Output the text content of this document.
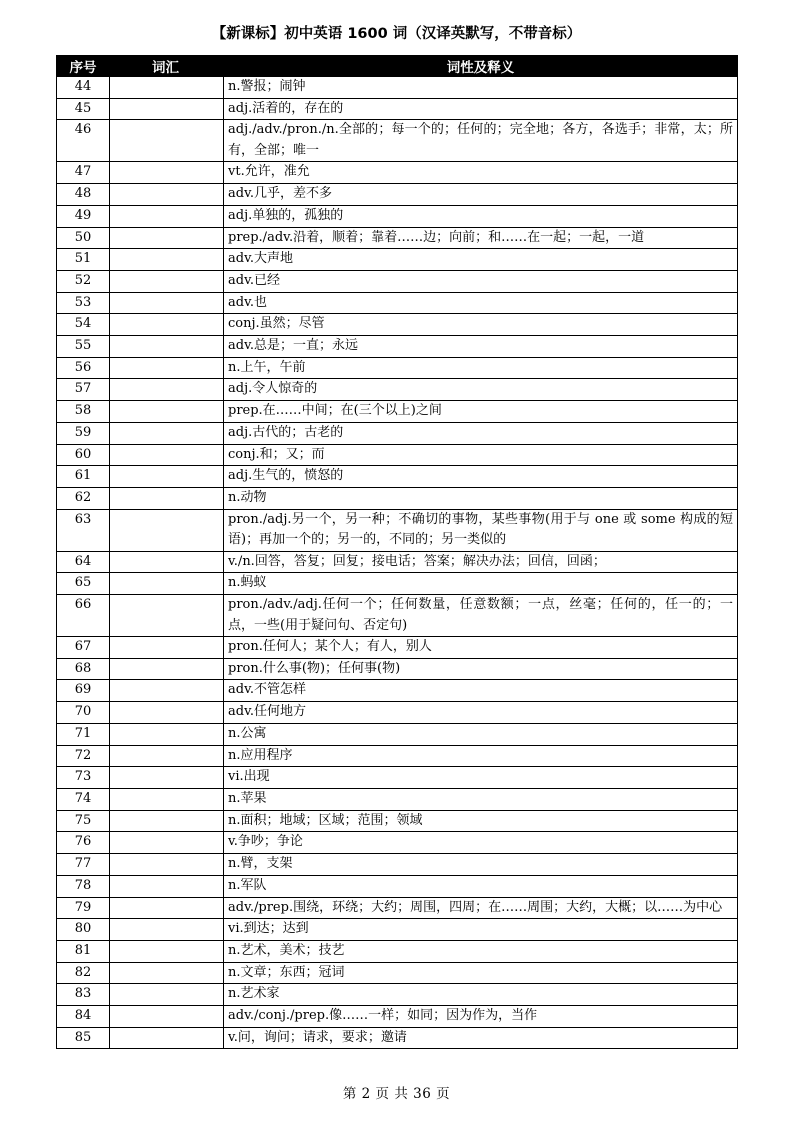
【新课标】初中英语 1600 词（汉译英默写，不带音标）
序号	词汇	词性及释义
44		n.警报；闹钟
45		adj.活着的，存在的
46		adj./adv./pron./n.全部的；每一个的；任何的；完全地；各方，各选手；非常，太；所有，全部；唯一
47		vt.允许，准允
48		adv.几乎，差不多
49		adj.单独的，孤独的
50		prep./adv.沿着，顺着；靠着……边；向前；和……在一起；一起，一道
51		adv.大声地
52		adv.已经
53		adv.也
54		conj.虽然；尽管
55		adv.总是；一直；永远
56		n.上午，午前
57		adj.令人惊奇的
58		prep.在……中间；在(三个以上)之间
59		adj.古代的；古老的
60		conj.和；又；而
61		adj.生气的，愤怒的
62		n.动物
63		pron./adj.另一个，另一种；不确切的事物，某些事物(用于与 one 或 some 构成的短语)；再加一个的；另一的，不同的；另一类似的
64		v./n.回答，答复；回复；接电话；答案；解决办法；回信，回函；
65		n.蚂蚁
66		pron./adv./adj.任何一个；任何数量，任意数额；一点，丝毫；任何的，任一的；一点，一些(用于疑问句、否定句)
67		pron.任何人；某个人；有人，别人
68		pron.什么事(物)；任何事(物)
69		adv.不管怎样
70		adv.任何地方
71		n.公寓
72		n.应用程序
73		vi.出现
74		n.苹果
75		n.面积；地域；区域；范围；领域
76		v.争吵；争论
77		n.臂，支架
78		n.军队
79		adv./prep.围绕，环绕；大约；周围，四周；在……周围；大约，大概；以……为中心
80		vi.到达；达到
81		n.艺术，美术；技艺
82		n.文章；东西；冠词
83		n.艺术家
84		adv./conj./prep.像……一样；如同；因为作为，当作
85		v.问，询问；请求，要求；邀请
第 2 页 共 36 页
